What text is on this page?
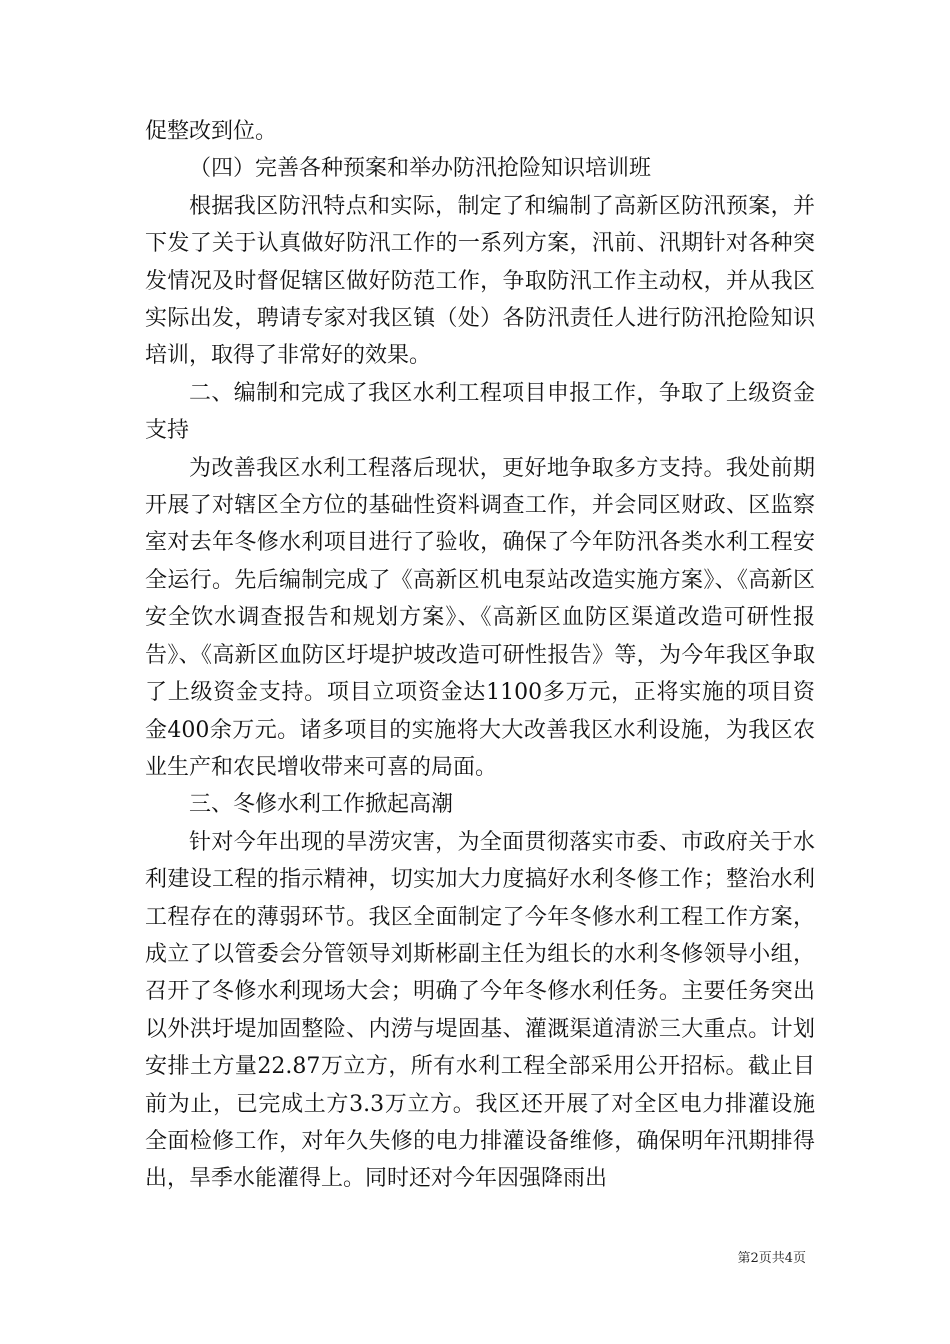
促整改到位。

（四）完善各种预案和举办防汛抢险知识培训班

根据我区防汛特点和实际，制定了和编制了高新区防汛预案，并下发了关于认真做好防汛工作的一系列方案，汛前、汛期针对各种突发情况及时督促辖区做好防范工作，争取防汛工作主动权，并从我区实际出发，聘请专家对我区镇（处）各防汛责任人进行防汛抢险知识培训，取得了非常好的效果。

二、编制和完成了我区水利工程项目申报工作，争取了上级资金支持

为改善我区水利工程落后现状，更好地争取多方支持。我处前期开展了对辖区全方位的基础性资料调查工作，并会同区财政、区监察室对去年冬修水利项目进行了验收，确保了今年防汛各类水利工程安全运行。先后编制完成了《高新区机电泵站改造实施方案》、《高新区安全饮水调查报告和规划方案》、《高新区血防区渠道改造可研性报告》、《高新区血防区圩堤护坡改造可研性报告》等，为今年我区争取了上级资金支持。项目立项资金达1100多万元，正将实施的项目资金400余万元。诸多项目的实施将大大改善我区水利设施，为我区农业生产和农民增收带来可喜的局面。

三、冬修水利工作掀起高潮

针对今年出现的旱涝灾害，为全面贯彻落实市委、市政府关于水利建设工程的指示精神，切实加大力度搞好水利冬修工作；整治水利工程存在的薄弱环节。我区全面制定了今年冬修水利工程工作方案，成立了以管委会分管领导刘斯彬副主任为组长的水利冬修领导小组，召开了冬修水利现场大会；明确了今年冬修水利任务。主要任务突出以外洪圩堤加固整险、内涝与堤固基、灌溉渠道清淤三大重点。计划安排土方量22.87万立方，所有水利工程全部采用公开招标。截止目前为止，已完成土方3.3万立方。我区还开展了对全区电力排灌设施全面检修工作，对年久失修的电力排灌设备维修，确保明年汛期排得出，旱季水能灌得上。同时还对今年因强降雨出

第2页共4页
